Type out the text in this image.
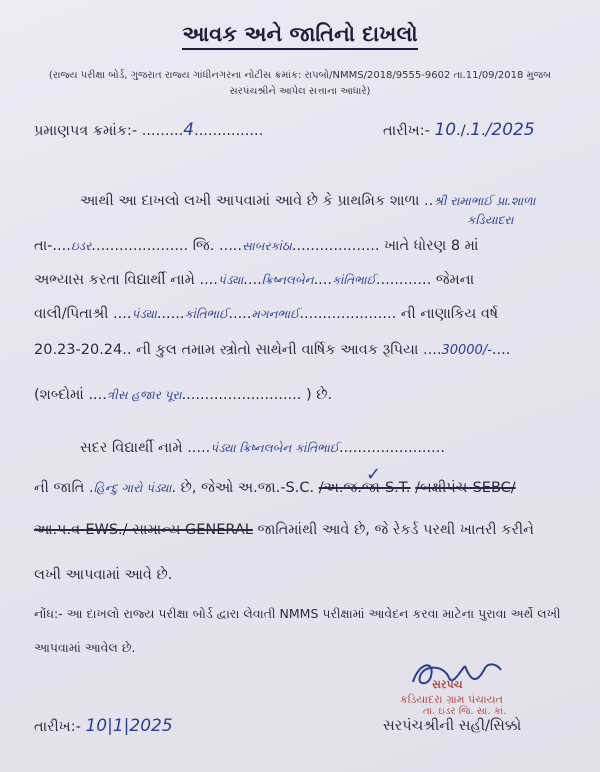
આવક અને જાતિનો દાખલો
(રાજ્ય પરીક્ષા બોર્ડ, ગુજરાત રાજ્ય ગાંધીનગરના નોટીસ ક્રમાંક: રાપબો/NMMS/2018/9555-9602 તા.11/09/2018 મુજબ
સરપંચશ્રીને આપેલ સત્તાના આધારે)
પ્રમાણપત્ર ક્રમાંક:- .........4...............	તારીખ:- 10./.1./2025
આથી આ દાખલો લખી આપવામાં આવે છે કે પ્રાથમિક શાળા ..શ્રી રામાભાઈ પ્રા.શાળા
કડિયાદરા
તા-....ઇડર..................... જિ. .....સાબરકાંઠા................... ખાતે ધોરણ 8 માં
અભ્યાસ કરતા વિદ્યાર્થી નામે ....પંડ્યા....ક્રિષ્નલબેન....કાંતિભાઈ............ જેમના
વાલી/પિતાશ્રી ....પંડ્યા......કાંતિભાઈ.....મગનભાઈ..................... ની નાણાકિય વર્ષ
20.23-20.24.. ની કુલ તમામ સ્ત્રોતો સાથેની વાર્ષિક આવક રૂપિયા ....30000/-....
(શબ્દોમાં ....ત્રીસ હજાર પૂરા.......................... ) છે.
સદર વિદ્યાર્થી નામે .....પંડ્યા ક્રિષ્નલબેન કાંતિભાઈ.......................
ની જાતિ .હિન્દુ ગારો પંડ્યા. છે, જેઓ અ.જા.-S.C. /અ.જ.જા-S.T. /બક્ષીપંચ-SEBC/
✓
આ.પ.વ-EWS./ સામાન્ય GENERAL જાતિમાંથી આવે છે, જે રેકર્ડ પરથી ખાતરી કરીને
લખી આપવામાં આવે છે.
નોંધ:- આ દાખલો રાજ્ય પરીક્ષા બોર્ડ દ્વારા લેવાતી NMMS પરીક્ષામાં આવેદન કરવા માટેના પુરાવા અર્થે લખી
આપવામાં આવેલ છે.
તારીખ:- 10|1|2025
સરપંચ
કડિયાદરા ગ્રામ પંચાયત
તા. ઇડર જિ. સા. કાં.
સરપંચશ્રીની સહી/સિક્કો
